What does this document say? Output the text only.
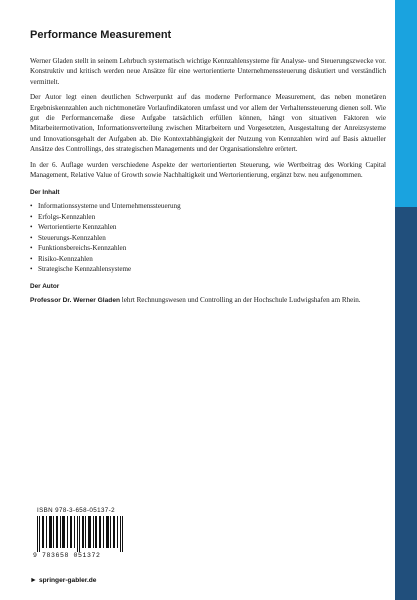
Performance Measurement

Werner Gladen stellt in seinem Lehrbuch systematisch wichtige Kennzahlensysteme für Analyse- und Steuerungszwecke vor. Konstruktiv und kritisch werden neue Ansätze für eine wertorientierte Unternehmenssteuerung diskutiert und verständlich vermittelt.

Der Autor legt einen deutlichen Schwerpunkt auf das moderne Performance Measurement, das neben monetären Ergebniskennzahlen auch nichtmonetäre Vorlaufindikatoren umfasst und vor allem der Verhaltenssteuerung dienen soll. Wie gut die Performancemaße diese Aufgabe tatsächlich erfüllen können, hängt von situativen Faktoren wie Mitarbeitermotivation, Informationsverteilung zwischen Mitarbeitern und Vorgesetzten, Ausgestaltung der Anreizsysteme und Innovationsgehalt der Aufgaben ab. Die Kontextabhängigkeit der Nutzung von Kennzahlen wird auf Basis aktueller Ansätze des Controllings, des strategischen Managements und der Organisationslehre erörtert.

In der 6. Auflage wurden verschiedene Aspekte der wertorientierten Steuerung, wie Wertbeitrag des Working Capital Management, Relative Value of Growth sowie Nachhaltigkeit und Wertorientierung, ergänzt bzw. neu aufgenommen.

Der Inhalt
• Informationssysteme und Unternehmenssteuerung
• Erfolgs-Kennzahlen
• Wertorientierte Kennzahlen
• Steuerungs-Kennzahlen
• Funktionsbereichs-Kennzahlen
• Risiko-Kennzahlen
• Strategische Kennzahlensysteme
Der Autor

Professor Dr. Werner Gladen lehrt Rechnungswesen und Controlling an der Hochschule Ludwigshafen am Rhein.

ISBN 978-3-658-05137-2
9 783658 051372
► springer-gabler.de
